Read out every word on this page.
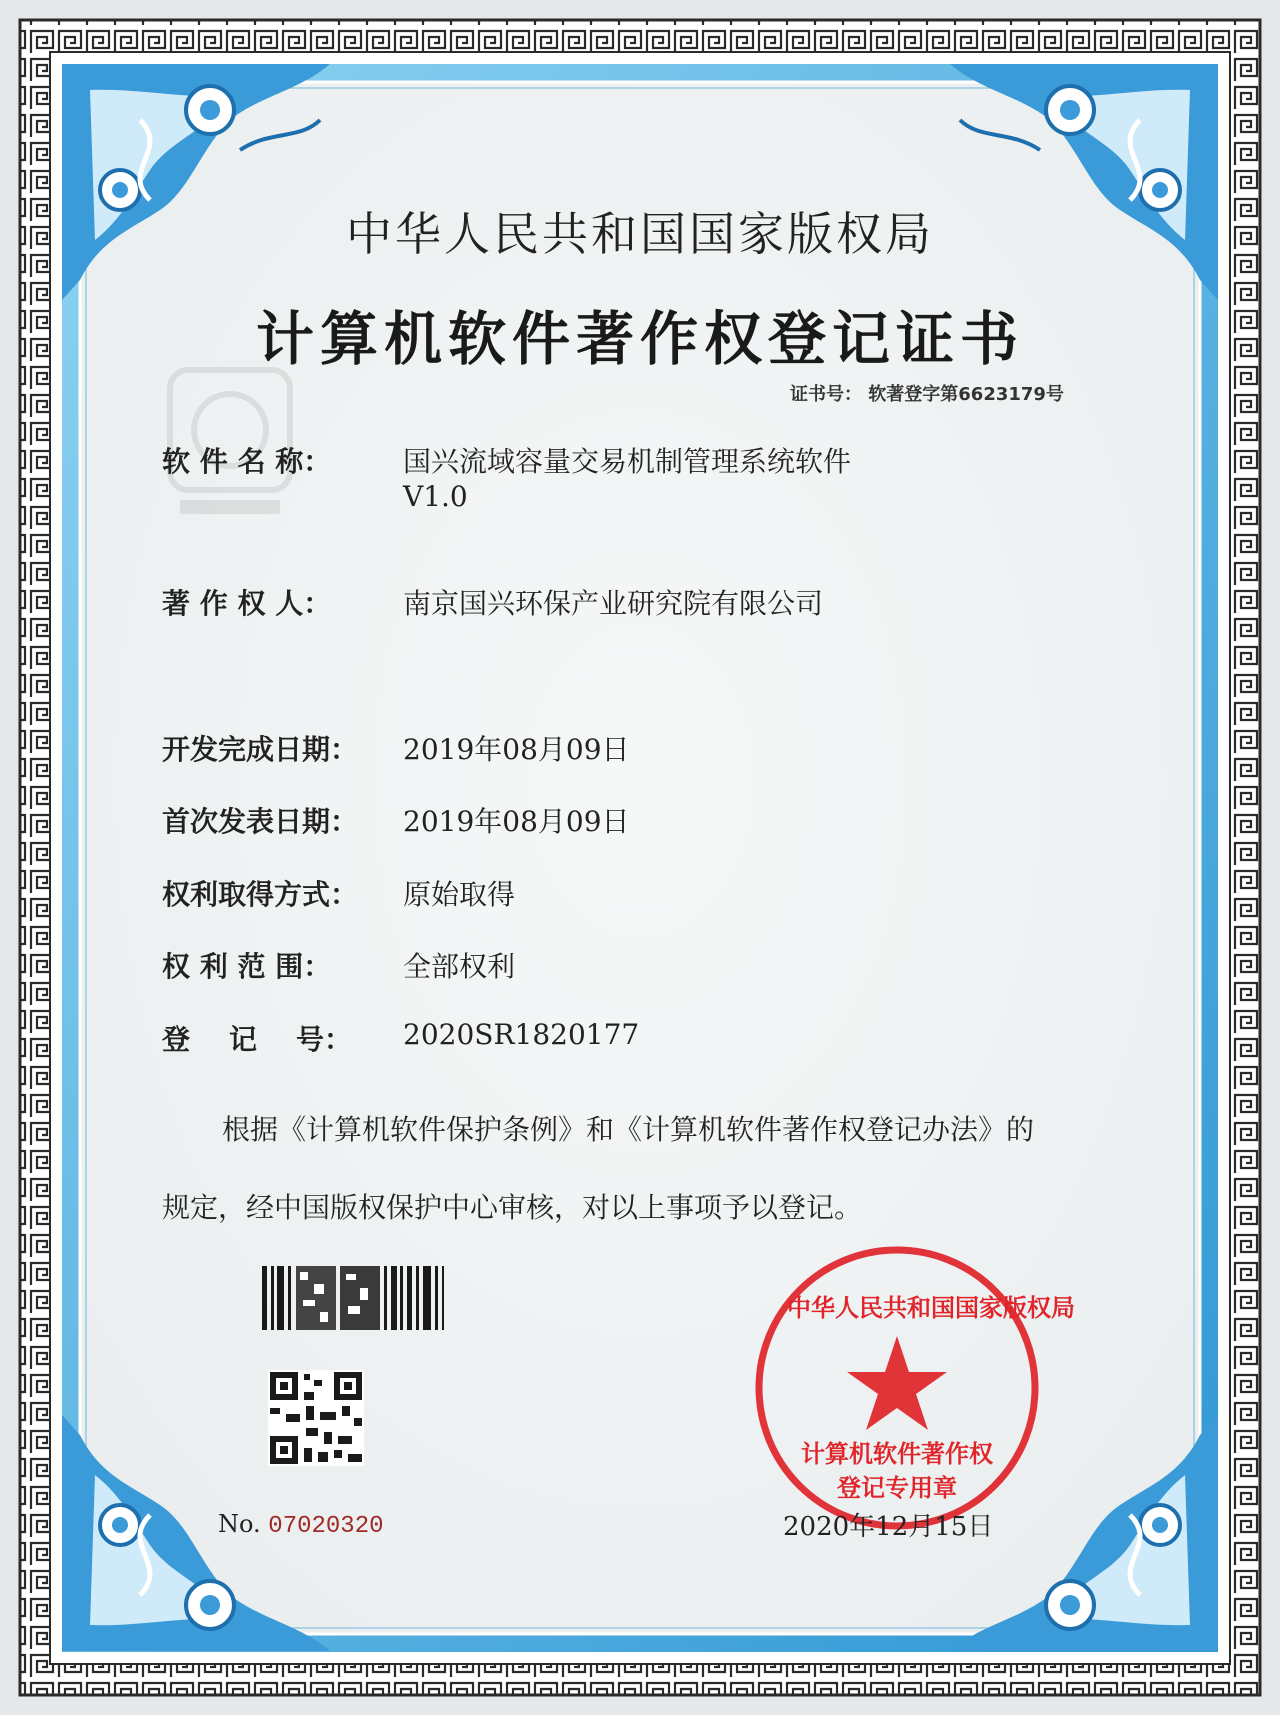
中华人民共和国国家版权局
计算机软件著作权登记证书
证书号： 软著登字第6623179号
软 件 名 称：	国兴流域容量交易机制管理系统软件
V1.0
著 作 权 人：	南京国兴环保产业研究院有限公司
开发完成日期： 2019年08月09日
首次发表日期： 2019年08月09日
权利取得方式： 原始取得
权 利 范 围：	全部权利
登    记    号： 2020SR1820177
根据《计算机软件保护条例》和《计算机软件著作权登记办法》的
规定，经中国版权保护中心审核，对以上事项予以登记。
No. 07020320	2020年12月15日
中华人民共和国国家版权局
计算机软件著作权
登记专用章
